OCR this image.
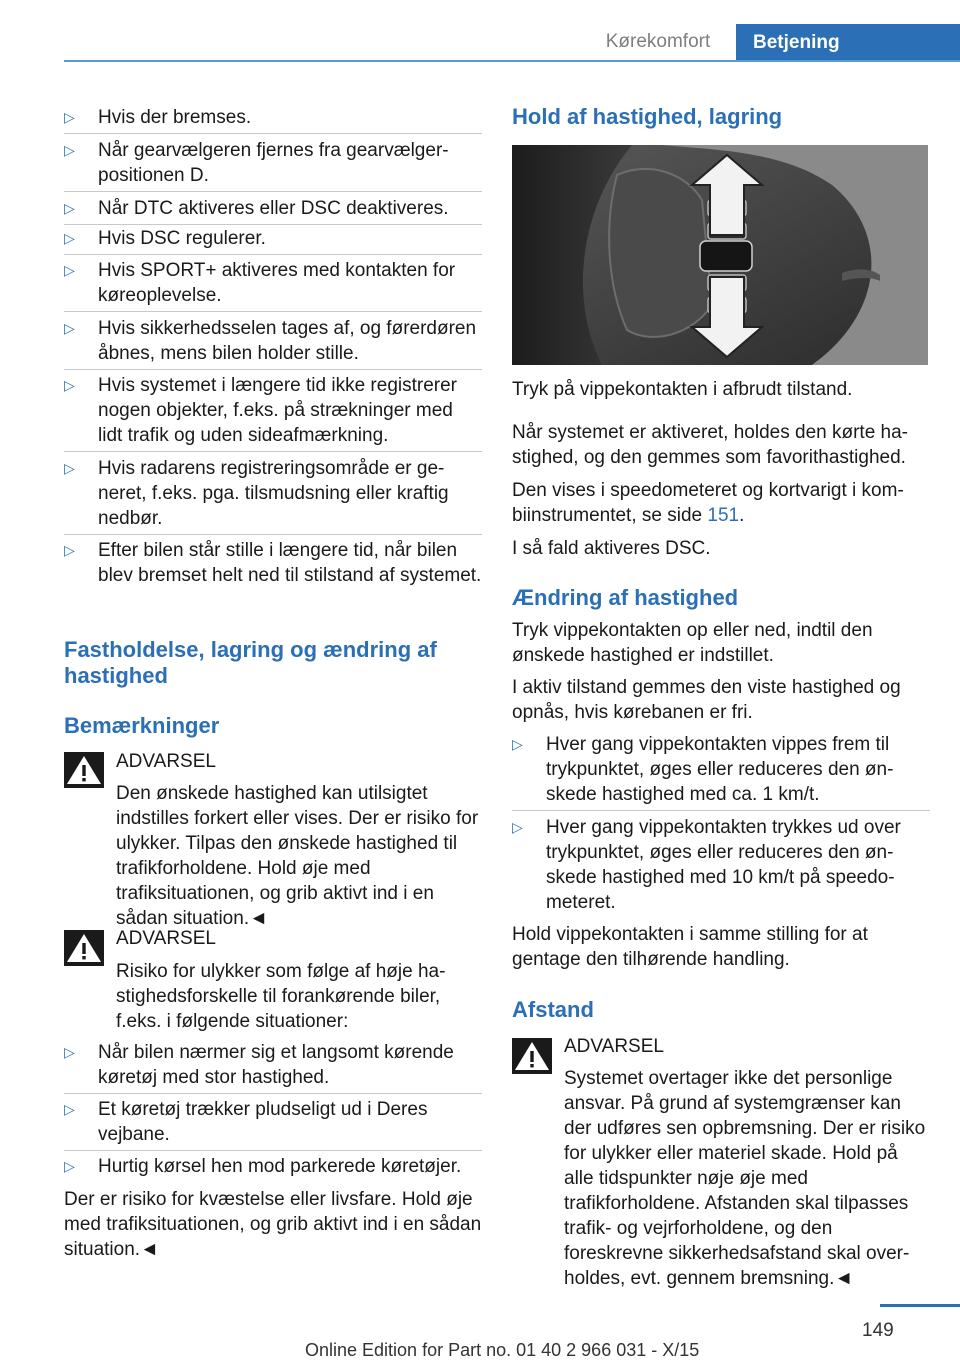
Kørekomfort	Betjening
▷ Hvis der bremses.
▷ Når gearvælgeren fjernes fra gearvælgerpositionen D.
▷ Når DTC aktiveres eller DSC deaktiveres.
▷ Hvis DSC regulerer.
▷ Hvis SPORT+ aktiveres med kontakten for køreoplevelse.
▷ Hvis sikkerhedsselen tages af, og førerdøren åbnes, mens bilen holder stille.
▷ Hvis systemet i længere tid ikke registrerer nogen objekter, f.eks. på strækninger med lidt trafik og uden sideafmærkning.
▷ Hvis radarens registreringsområde er generet, f.eks. pga. tilsmudsning eller kraftig nedbør.
▷ Efter bilen står stille i længere tid, når bilen blev bremset helt ned til stilstand af systemet.
Fastholdelse, lagring og ændring af hastighed
Bemærkninger
ADVARSEL
Den ønskede hastighed kan utilsigtet indstilles forkert eller vises. Der er risiko for ulykker. Tilpas den ønskede hastighed til trafikforholdene. Hold øje med trafiksituationen, og grib aktivt ind i en sådan situation.◄
ADVARSEL
Risiko for ulykker som følge af høje hastighedsforskelle til forankørende biler, f.eks. i følgende situationer:
▷ Når bilen nærmer sig et langsomt kørende køretøj med stor hastighed.
▷ Et køretøj trækker pludseligt ud i Deres vejbane.
▷ Hurtig kørsel hen mod parkerede køretøjer.

Der er risiko for kvæstelse eller livsfare. Hold øje med trafiksituationen, og grib aktivt ind i en sådan situation.◄

Hold af hastighed, lagring

Tryk på vippekontakten i afbrudt tilstand.

Når systemet er aktiveret, holdes den kørte hastighed, og den gemmes som favorithastighed.

Den vises i speedometeret og kortvarigt i kombiinstrumentet, se side 151.

I så fald aktiveres DSC.

Ændring af hastighed

Tryk vippekontakten op eller ned, indtil den ønskede hastighed er indstillet.

I aktiv tilstand gemmes den viste hastighed og opnås, hvis kørebanen er fri.

▷ Hver gang vippekontakten vippes frem til trykpunktet, øges eller reduceres den ønskede hastighed med ca. 1 km/t.
▷ Hver gang vippekontakten trykkes ud over trykpunktet, øges eller reduceres den ønskede hastighed med 10 km/t på speedometeret.

Hold vippekontakten i samme stilling for at gentage den tilhørende handling.

Afstand
ADVARSEL
Systemet overtager ikke det personlige ansvar. På grund af systemgrænser kan der udføres sen opbremsning. Der er risiko for ulykker eller materiel skade. Hold på alle tidspunkter nøje øje med trafikforholdene. Afstanden skal tilpasses trafik- og vejrforholdene, og den foreskrevne sikkerhedsafstand skal overholdes, evt. gennem bremsning.◄
149
Online Edition for Part no. 01 40 2 966 031 - X/15
